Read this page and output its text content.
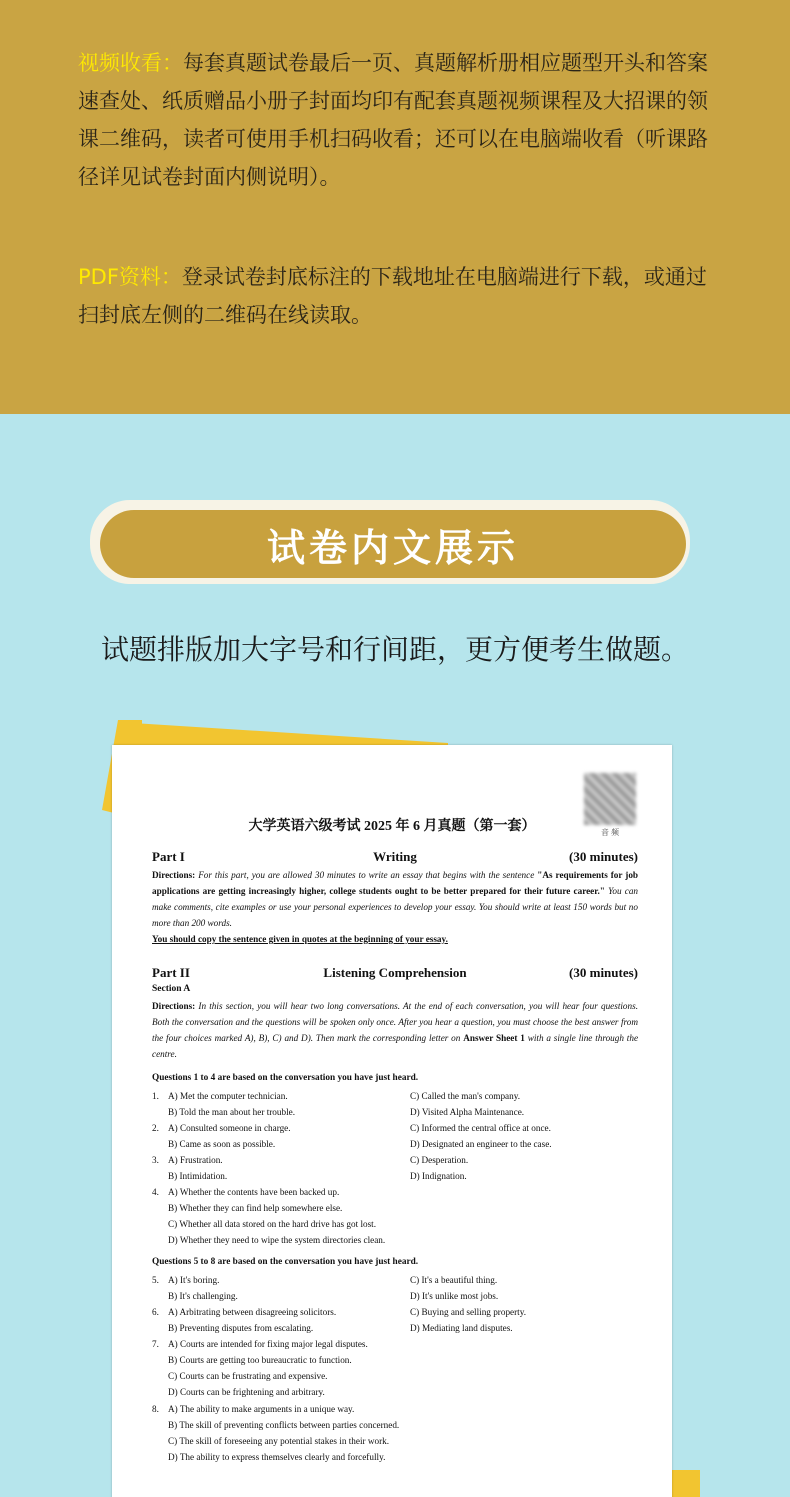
视频收看：每套真题试卷最后一页、真题解析册相应题型开头和答案速查处、纸质赠品小册子封面均印有配套真题视频课程及大招课的领课二维码，读者可使用手机扫码收看；还可以在电脑端收看（听课路径详见试卷封面内侧说明）。
PDF资料：登录试卷封底标注的下载地址在电脑端进行下载，或通过扫封底左侧的二维码在线读取。
试卷内文展示
试题排版加大字号和行间距，更方便考生做题。
音 频
大学英语六级考试 2025 年 6 月真题（第一套）
Part I	Writing	(30 minutes)
Directions: For this part, you are allowed 30 minutes to write an essay that begins with the sentence "As requirements for job applications are getting increasingly higher, college students ought to be better prepared for their future career." You can make comments, cite examples or use your personal experiences to develop your essay. You should write at least 150 words but no more than 200 words.
You should copy the sentence given in quotes at the beginning of your essay.
Part II	Listening Comprehension	(30 minutes)
Section A
Directions: In this section, you will hear two long conversations. At the end of each conversation, you will hear four questions. Both the conversation and the questions will be spoken only once. After you hear a question, you must choose the best answer from the four choices marked A), B), C) and D). Then mark the corresponding letter on Answer Sheet 1 with a single line through the centre.
Questions 1 to 4 are based on the conversation you have just heard.
1. A) Met the computer technician.
B) Told the man about her trouble.
C) Called the man's company.
D) Visited Alpha Maintenance.
2. A) Consulted someone in charge.
B) Came as soon as possible.
C) Informed the central office at once.
D) Designated an engineer to the case.
3. A) Frustration.
B) Intimidation.
C) Desperation.
D) Indignation.
4. A) Whether the contents have been backed up.
B) Whether they can find help somewhere else.
C) Whether all data stored on the hard drive has got lost.
D) Whether they need to wipe the system directories clean.
Questions 5 to 8 are based on the conversation you have just heard.
5. A) It's boring.
B) It's challenging.
C) It's a beautiful thing.
D) It's unlike most jobs.
6. A) Arbitrating between disagreeing solicitors.
B) Preventing disputes from escalating.
C) Buying and selling property.
D) Mediating land disputes.
7. A) Courts are intended for fixing major legal disputes.
B) Courts are getting too bureaucratic to function.
C) Courts can be frustrating and expensive.
D) Courts can be frightening and arbitrary.
8. A) The ability to make arguments in a unique way.
B) The skill of preventing conflicts between parties concerned.
C) The skill of foreseeing any potential stakes in their work.
D) The ability to express themselves clearly and forcefully.
